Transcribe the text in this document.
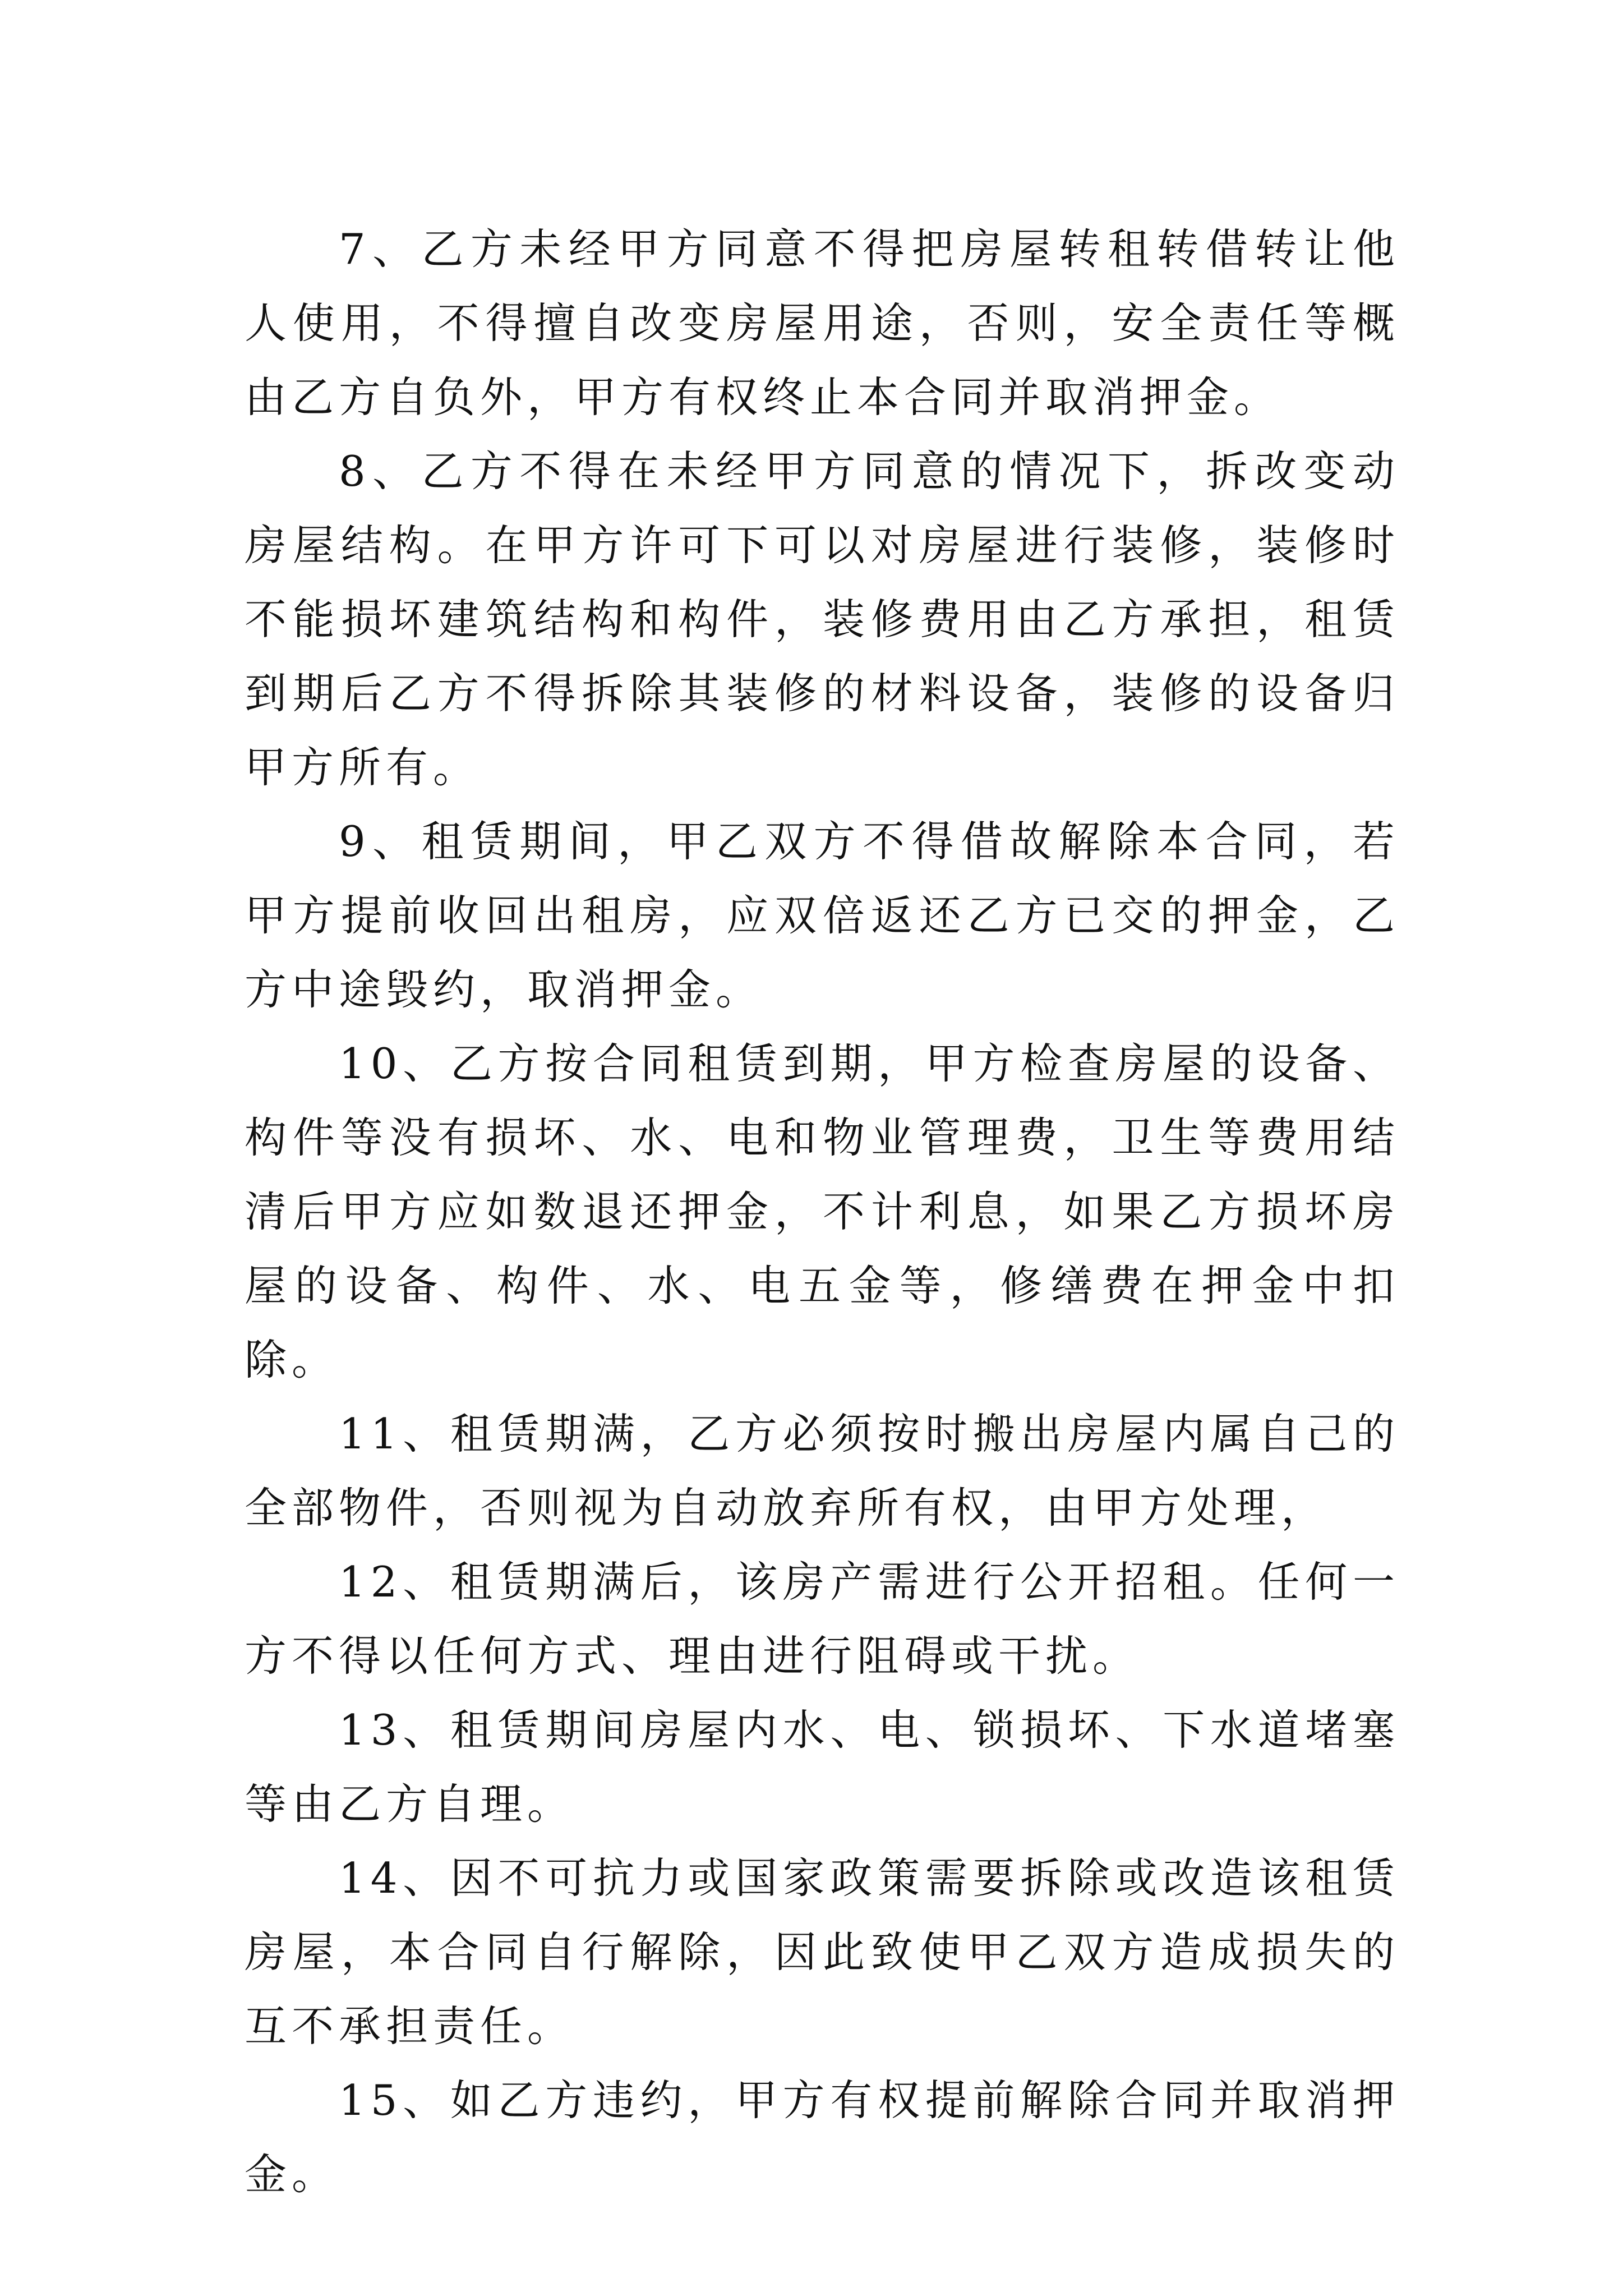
7、乙方未经甲方同意不得把房屋转租转借转让他人使用，不得擅自改变房屋用途，否则，安全责任等概由乙方自负外，甲方有权终止本合同并取消押金。

8、乙方不得在未经甲方同意的情况下，拆改变动房屋结构。在甲方许可下可以对房屋进行装修，装修时不能损坏建筑结构和构件，装修费用由乙方承担，租赁到期后乙方不得拆除其装修的材料设备，装修的设备归甲方所有。

9、租赁期间，甲乙双方不得借故解除本合同，若甲方提前收回出租房，应双倍返还乙方已交的押金，乙方中途毁约，取消押金。

10、乙方按合同租赁到期，甲方检查房屋的设备、构件等没有损坏、水、电和物业管理费，卫生等费用结清后甲方应如数退还押金，不计利息，如果乙方损坏房屋的设备、构件、水、电五金等，修缮费在押金中扣除。

11、租赁期满，乙方必须按时搬出房屋内属自己的全部物件，否则视为自动放弃所有权，由甲方处理，

12、租赁期满后，该房产需进行公开招租。任何一方不得以任何方式、理由进行阻碍或干扰。

13、租赁期间房屋内水、电、锁损坏、下水道堵塞等由乙方自理。

14、因不可抗力或国家政策需要拆除或改造该租赁房屋，本合同自行解除，因此致使甲乙双方造成损失的互不承担责任。

15、如乙方违约，甲方有权提前解除合同并取消押金。
